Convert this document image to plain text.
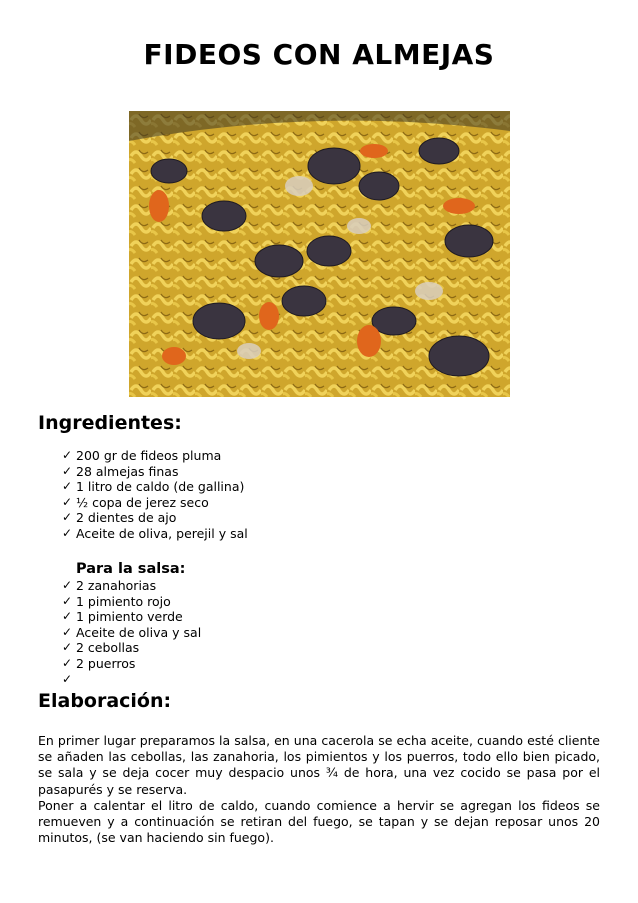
FIDEOS CON ALMEJAS
Ingredientes:
✓ 200 gr de fideos pluma
✓ 28 almejas finas
✓ 1 litro de caldo (de gallina)
✓ ½ copa de jerez seco
✓ 2 dientes de ajo
✓ Aceite de oliva, perejil y sal
Para la salsa:
✓ 2 zanahorias
✓ 1 pimiento rojo
✓ 1 pimiento verde
✓ Aceite de oliva y sal
✓ 2 cebollas
✓ 2 puerros
✓
Elaboración:

En primer lugar preparamos la salsa, en una cacerola se echa aceite, cuando esté cliente se añaden las cebollas, las zanahoria, los pimientos y los puerros, todo ello bien picado, se sala y se deja cocer muy despacio unos ¾ de hora, una vez cocido se pasa por el pasapurés y se reserva.

Poner a calentar el litro de caldo, cuando comience a hervir se agregan los fideos se remueven y a continuación se retiran del fuego, se tapan y se dejan reposar unos 20 minutos, (se van haciendo sin fuego).
